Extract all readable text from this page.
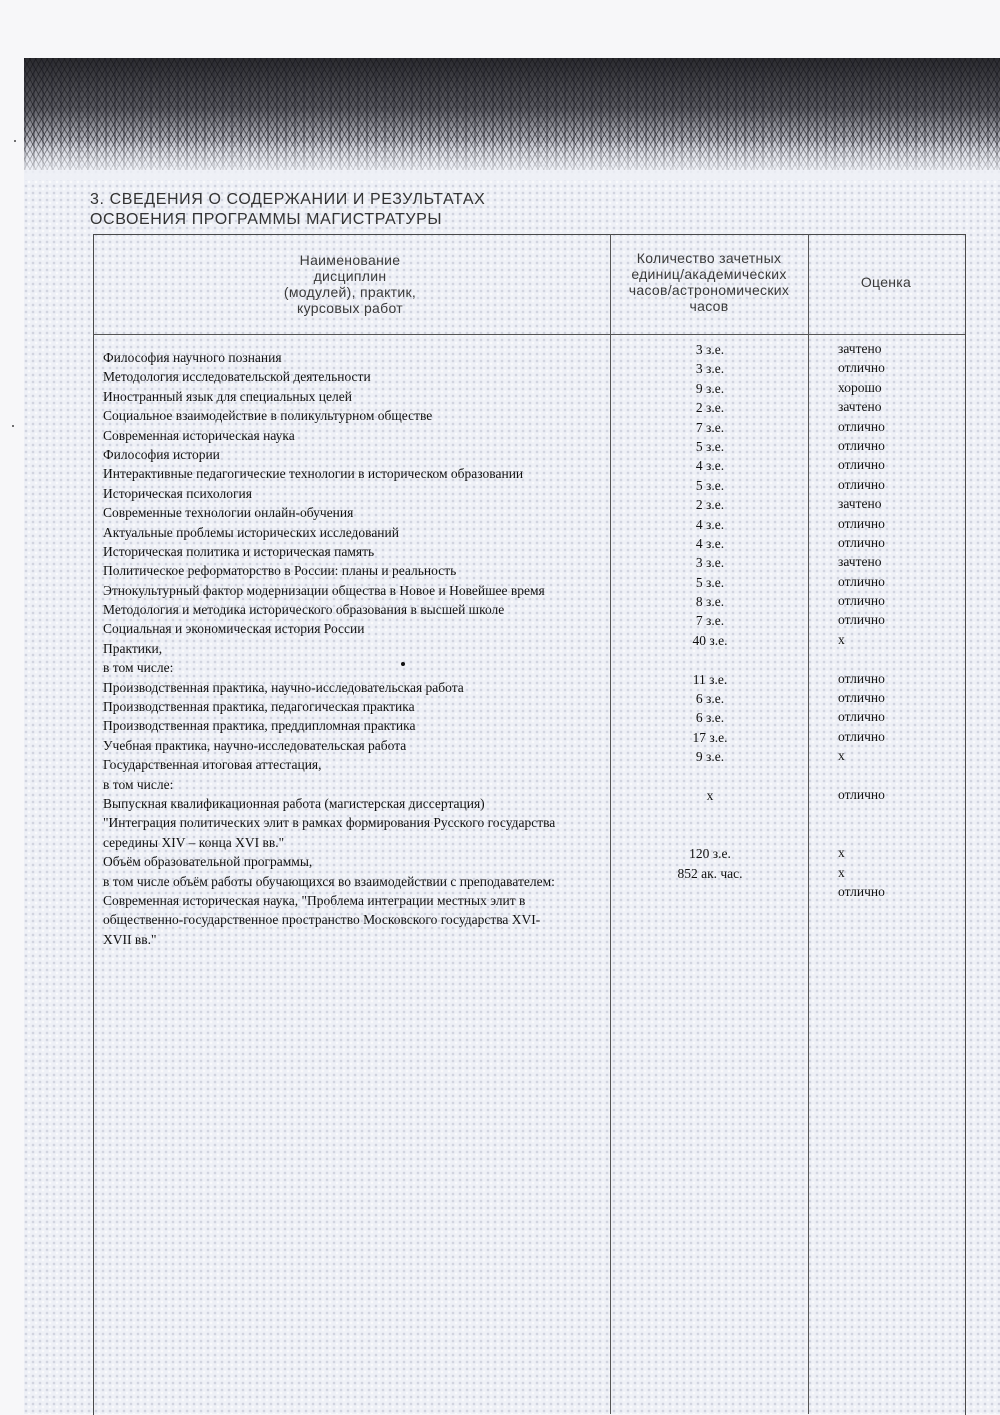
3. СВЕДЕНИЯ О СОДЕРЖАНИИ И РЕЗУЛЬТАТАХ
ОСВОЕНИЯ ПРОГРАММЫ МАГИСТРАТУРЫ
Наименование
дисциплин
(модулей), практик,
курсовых работ
Количество зачетных
единиц/академических
часов/астрономических
часов
Оценка
Философия научного познания
Методология исследовательской деятельности
Иностранный язык для специальных целей
Социальное взаимодействие в поликультурном обществе
Современная историческая наука
Философия истории
Интерактивные педагогические технологии в историческом образовании
Историческая психология
Современные технологии онлайн-обучения
Актуальные проблемы исторических исследований
Историческая политика и историческая память
Политическое реформаторство в России: планы и реальность
Этнокультурный фактор модернизации общества в Новое и Новейшее время
Методология и методика исторического образования в высшей школе
Социальная и экономическая история России
Практики,
в том числе:
Производственная практика, научно-исследовательская работа
Производственная практика, педагогическая практика
Производственная практика, преддипломная практика
Учебная практика, научно-исследовательская работа
Государственная итоговая аттестация,
в том числе:
Выпускная квалификационная работа (магистерская диссертация)
"Интеграция политических элит в рамках формирования Русского государства
середины XIV – конца XVI вв."
Объём образовательной программы,
в том числе объём работы обучающихся во взаимодействии с преподавателем:
Современная историческая наука, "Проблема интеграции местных элит в
общественно-государственное пространство Московского государства XVI-
XVII вв."
3 з.е.
3 з.е.
9 з.е.
2 з.е.
7 з.е.
5 з.е.
4 з.е.
5 з.е.
2 з.е.
4 з.е.
4 з.е.
3 з.е.
5 з.е.
8 з.е.
7 з.е.
40 з.е.
11 з.е.
6 з.е.
6 з.е.
17 з.е.
9 з.е.
х
120 з.е.
852 ак. час.
зачтено
отлично
хорошо
зачтено
отлично
отлично
отлично
отлично
зачтено
отлично
отлично
зачтено
отлично
отлично
отлично
х
отлично
отлично
отлично
отлично
х
отлично
х
х
отлично
